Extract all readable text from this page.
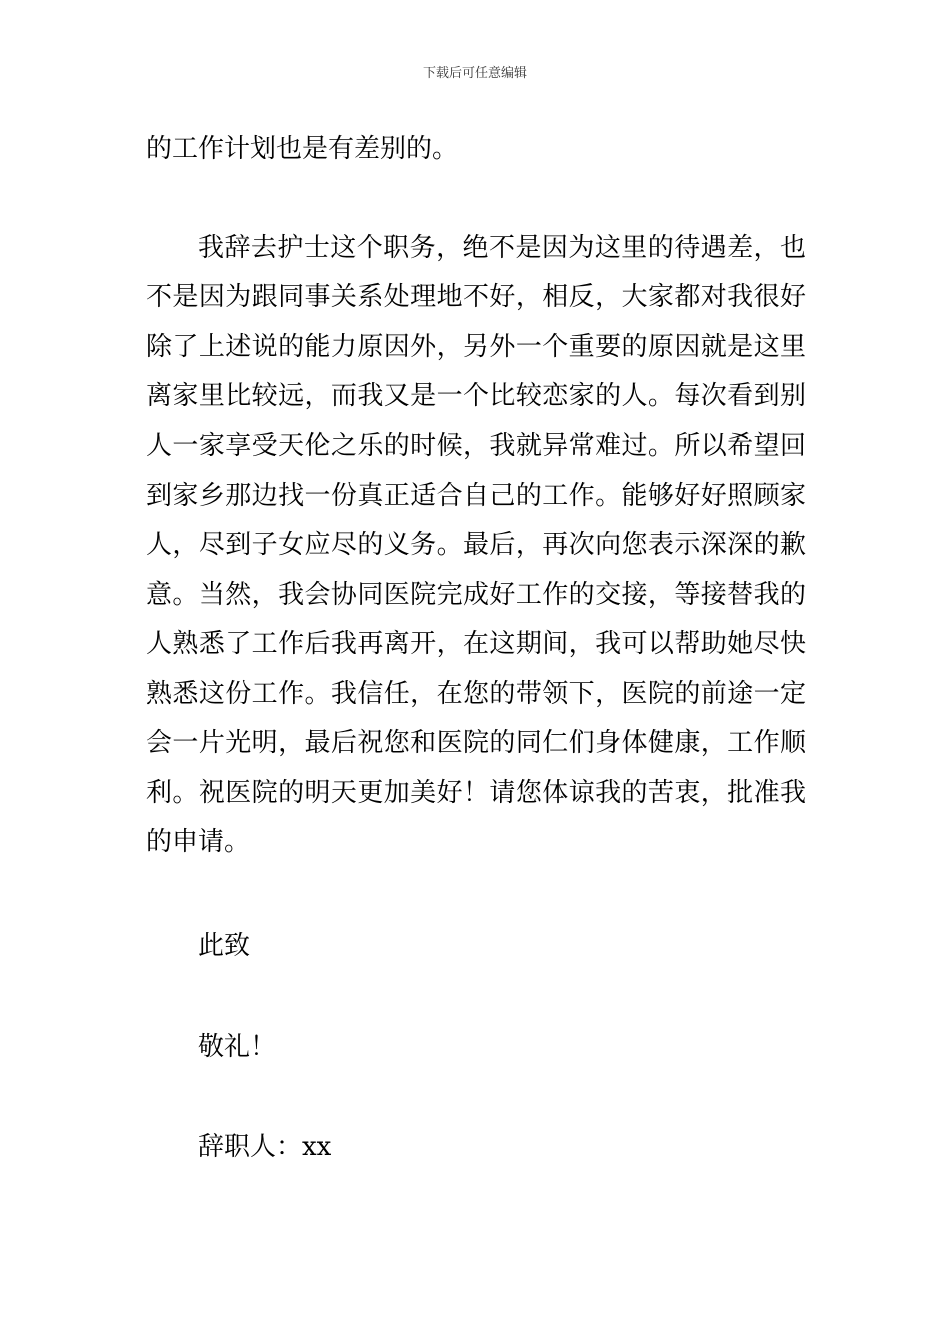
下载后可任意编辑
的工作计划也是有差别的。
我辞去护士这个职务，绝不是因为这里的待遇差，也
不是因为跟同事关系处理地不好，相反，大家都对我很好
除了上述说的能力原因外，另外一个重要的原因就是这里
离家里比较远，而我又是一个比较恋家的人。每次看到别
人一家享受天伦之乐的时候，我就异常难过。所以希望回
到家乡那边找一份真正适合自己的工作。能够好好照顾家
人，尽到子女应尽的义务。最后，再次向您表示深深的歉
意。当然，我会协同医院完成好工作的交接，等接替我的
人熟悉了工作后我再离开，在这期间，我可以帮助她尽快
熟悉这份工作。我信任，在您的带领下，医院的前途一定
会一片光明，最后祝您和医院的同仁们身体健康，工作顺
利。祝医院的明天更加美好！请您体谅我的苦衷，批准我
的申请。
此致
敬礼！
辞职人：xx
